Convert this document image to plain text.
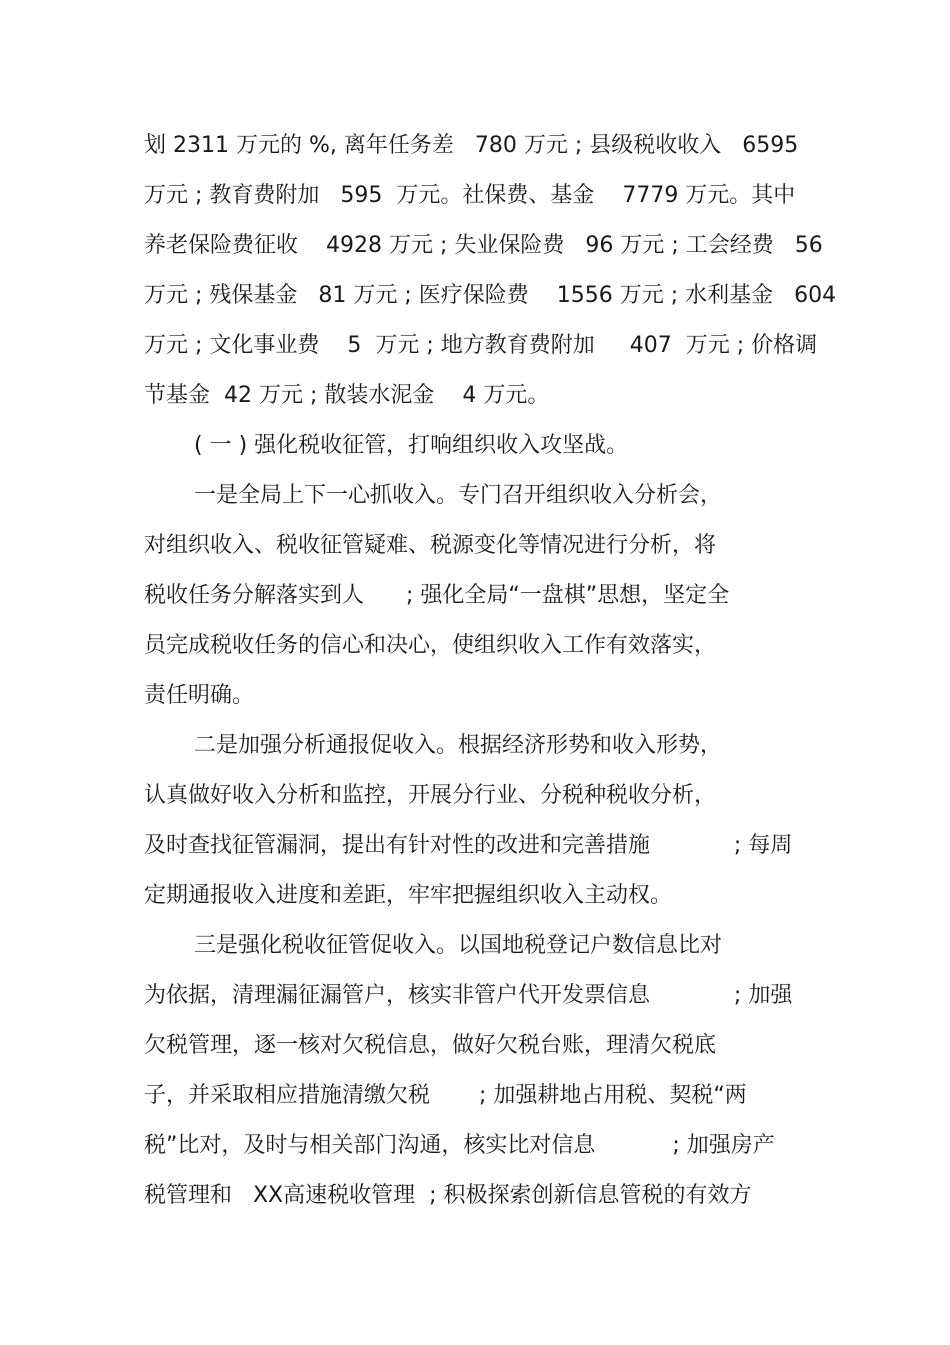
划 2311 万元的 %, 离年任务差   780 万元 ; 县级税收收入   6595
万元 ; 教育费附加   595  万元。社保费、基金    7779 万元。其中
养老保险费征收    4928 万元 ; 失业保险费   96 万元 ; 工会经费   56
万元 ; 残保基金   81 万元 ; 医疗保险费    1556 万元 ; 水利基金   604
万元 ; 文化事业费    5  万元 ; 地方教育费附加     407  万元 ; 价格调
节基金  42 万元 ; 散装水泥金    4 万元。
( 一 ) 强化税收征管，打响组织收入攻坚战。
一是全局上下一心抓收入。专门召开组织收入分析会，
对组织收入、税收征管疑难、税源变化等情况进行分析，将
税收任务分解落实到人      ; 强化全局“一盘棋”思想，坚定全
员完成税收任务的信心和决心，使组织收入工作有效落实，
责任明确。
二是加强分析通报促收入。根据经济形势和收入形势，
认真做好收入分析和监控，开展分行业、分税种税收分析，
及时查找征管漏洞，提出有针对性的改进和完善措施            ; 每周
定期通报收入进度和差距，牢牢把握组织收入主动权。
三是强化税收征管促收入。以国地税登记户数信息比对
为依据，清理漏征漏管户，核实非管户代开发票信息            ; 加强
欠税管理，逐一核对欠税信息，做好欠税台账，理清欠税底
子，并采取相应措施清缴欠税       ; 加强耕地占用税、契税“两
税”比对，及时与相关部门沟通，核实比对信息           ; 加强房产
税管理和   XX高速税收管理  ; 积极探索创新信息管税的有效方
